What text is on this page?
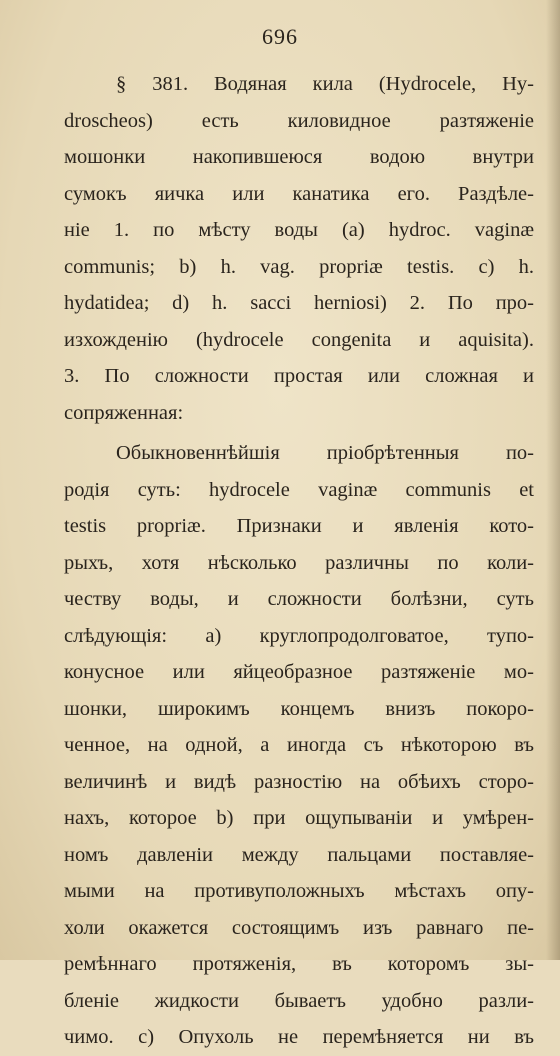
696
§ 381. Водяная кила (Hydrocele, Hy-
droscheos) есть киловидное разтяженіе
мошонки накопившеюся водою внутри
сумокъ яичка или канатика его. Раздѣле-
ніе 1. по мѣсту воды (а) hydroc. vaginæ
communis; b) h. vag. propriæ testis. c) h.
hydatidea; d) h. sacci herniosi) 2. По про-
изхожденію (hydrocele congenita и aquisita).
3. По сложности простая или сложная и
сопряженная:
Обыкновеннѣйшія пріобрѣтенныя по-
родія суть: hydrocele vaginæ communis et
testis propriæ. Признаки и явленія кото-
рыхъ, хотя нѣсколько различны по коли-
честву воды, и сложности болѣзни, суть
слѣдующія: а) круглопродолговатое, тупо-
конусное или яйцеобразное разтяженіе мо-
шонки, широкимъ концемъ внизъ покоро-
ченное, на одной, а иногда съ нѣкоторою въ
величинѣ и видѣ разностію на обѣихъ сторо-
нахъ, которое b) при ощупываніи и умѣрен-
номъ давленіи между пальцами поставляе-
мыми на противуположныхъ мѣстахъ опу-
холи окажется состоящимъ изъ равнаго пе-
ремѣннаго протяженія, въ которомъ зы-
бленіе жидкости бываетъ удобно разли-
чимо. с) Опухоль не перемѣняется ни въ
